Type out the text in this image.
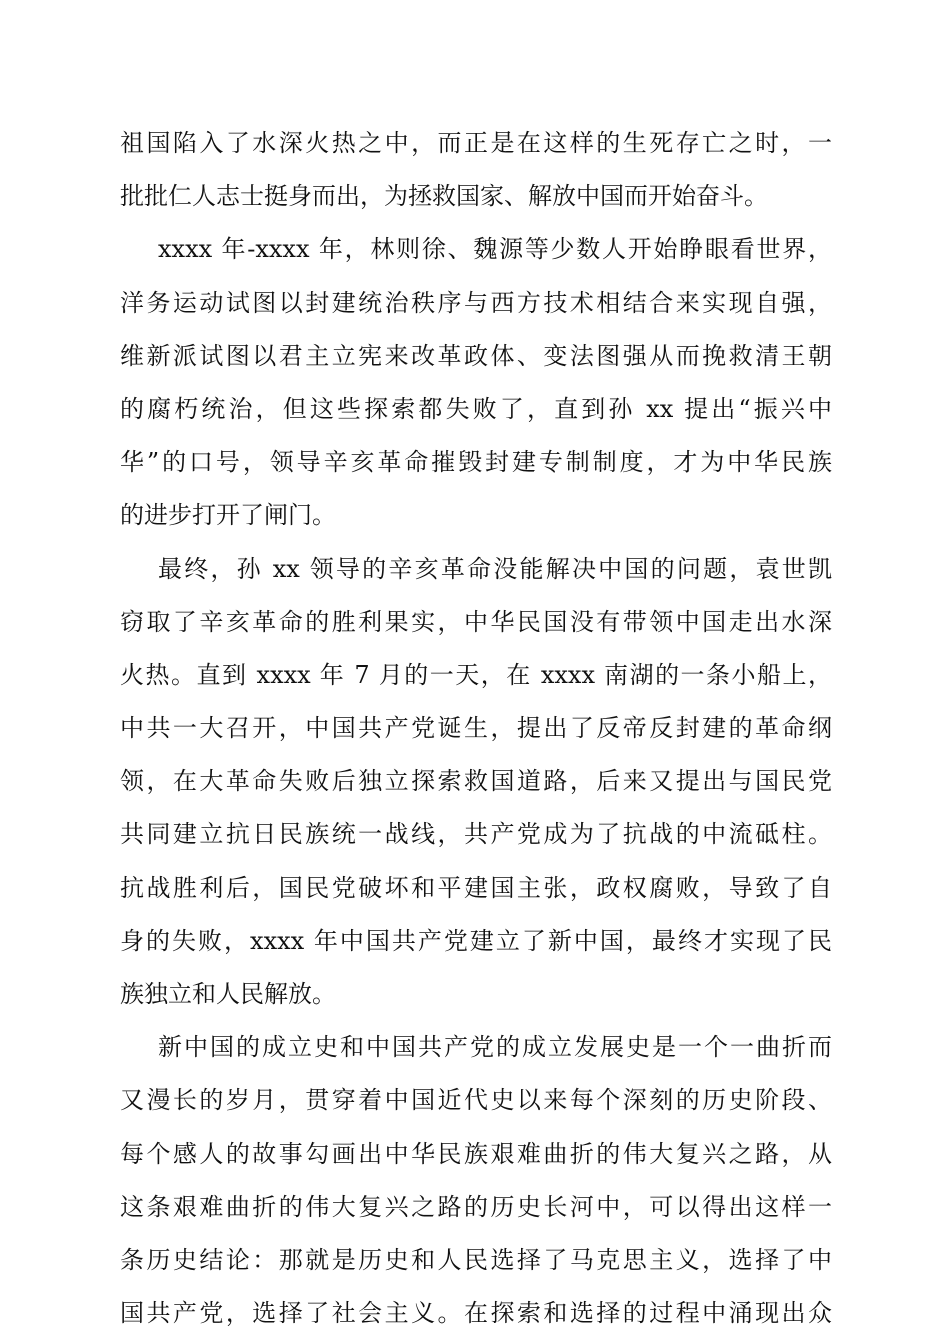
祖国陷入了水深火热之中，而正是在这样的生死存亡之时，一
批批仁人志士挺身而出，为拯救国家、解放中国而开始奋斗。
xxxx 年-xxxx 年，林则徐、魏源等少数人开始睁眼看世界，
洋务运动试图以封建统治秩序与西方技术相结合来实现自强，
维新派试图以君主立宪来改革政体、变法图强从而挽救清王朝
的腐朽统治，但这些探索都失败了，直到孙 xx 提出“振兴中
华”的口号，领导辛亥革命摧毁封建专制制度，才为中华民族
的进步打开了闸门。
最终，孙 xx 领导的辛亥革命没能解决中国的问题，袁世凯
窃取了辛亥革命的胜利果实，中华民国没有带领中国走出水深
火热。直到 xxxx 年 7 月的一天，在 xxxx 南湖的一条小船上，
中共一大召开，中国共产党诞生，提出了反帝反封建的革命纲
领，在大革命失败后独立探索救国道路，后来又提出与国民党
共同建立抗日民族统一战线，共产党成为了抗战的中流砥柱。
抗战胜利后，国民党破坏和平建国主张，政权腐败，导致了自
身的失败，xxxx 年中国共产党建立了新中国，最终才实现了民
族独立和人民解放。
新中国的成立史和中国共产党的成立发展史是一个一曲折而
又漫长的岁月，贯穿着中国近代史以来每个深刻的历史阶段、
每个感人的故事勾画出中华民族艰难曲折的伟大复兴之路，从
这条艰难曲折的伟大复兴之路的历史长河中，可以得出这样一
条历史结论：那就是历史和人民选择了马克思主义，选择了中
国共产党，选择了社会主义。在探索和选择的过程中涌现出众
